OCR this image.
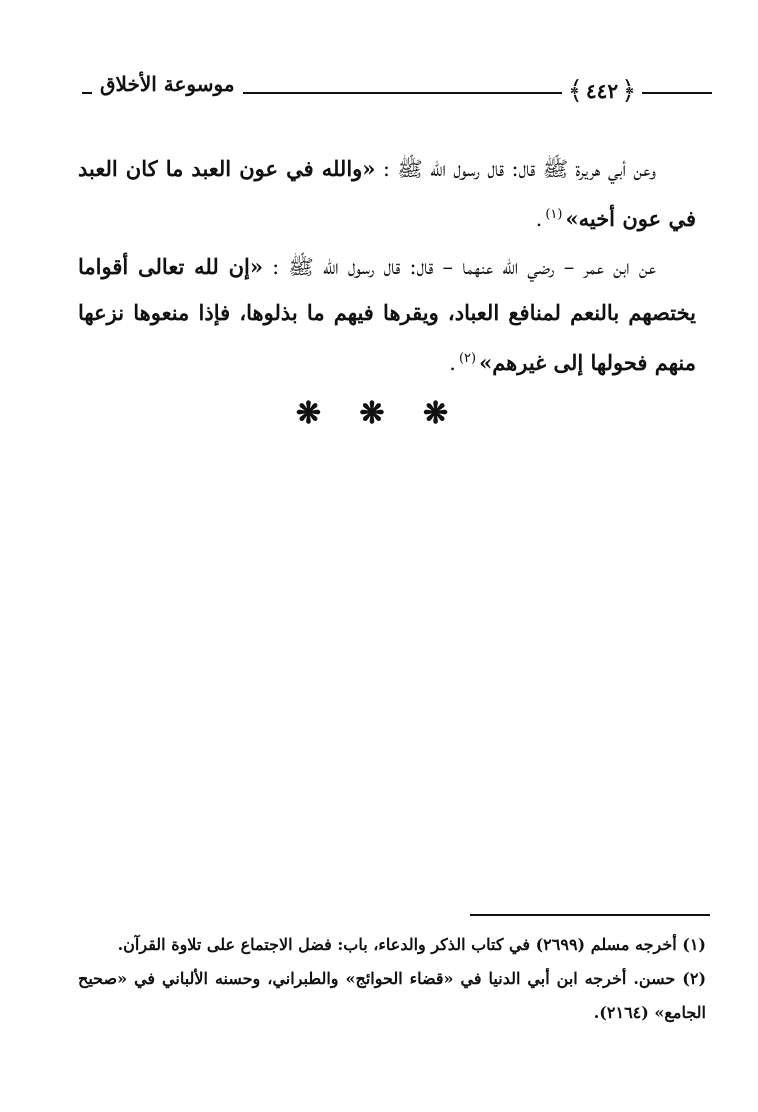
موسوعة الأخلاق	﴿
٤٤٢
﴾

وعن أبي هريرة ﷺ قال: قال رسول الله ﷺ : «والله في عون العبد ما كان العبد في عون أخيه»$^{(١)}$.

عن ابن عمر – رضي الله عنهما – قال: قال رسول الله ﷺ : «إن لله تعالى أقواما يختصهم بالنعم لمنافع العباد، ويقرها فيهم ما بذلوها، فإذا منعوها نزعها منهم فحولها إلى غيرهم»$^{(٢)}$.

❋ ❋ ❋

(١) أخرجه مسلم (٢٦٩٩) في كتاب الذكر والدعاء، باب: فضل الاجتماع على تلاوة القرآن.

(٢) حسن. أخرجه ابن أبي الدنيا في «قضاء الحوائج» والطبراني، وحسنه الألباني في «صحيح الجامع» (٢١٦٤).
